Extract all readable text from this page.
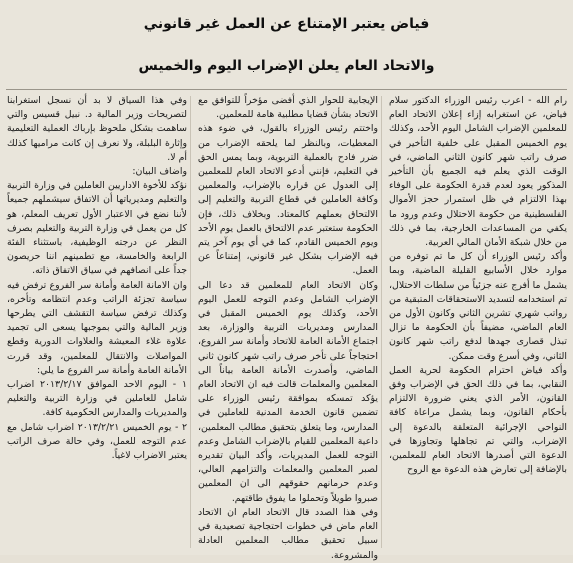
فياض يعتبر الإمتناع عن العمل غير قانوني
والاتحاد العام يعلن الإضراب اليوم والخميس

رام الله - اعرب رئيس الوزراء الدكتور سلام فياض، عن استغرابه إزاء إعلان الاتحاد العام للمعلمين الإضراب الشامل اليوم الأحد، وكذلك يوم الخميس المقبل على خلفية التأخير في صرف راتب شهر كانون الثاني الماضي، في الوقت الذي يعلم فيه الجميع بأن التأخير المذكور يعود لعدم قدرة الحكومة على الوفاء بهذا الالتزام في ظل استمرار حجز الأموال الفلسطينية من حكومة الاحتلال وعدم ورود ما يكفي من المساعدات الخارجية، بما في ذلك من خلال شبكة الأمان المالي العربية.
وأكد رئيس الوزراء أن كل ما تم توفره من موارد خلال الأسابيع القليلة الماضية، وبما يشمل ما أفرج عنه جزئياً من سلطات الاحتلال، تم استخدامه لتسديد الاستحقاقات المتبقية من رواتب شهري تشرين الثاني وكانون الأول من العام الماضي، مضيفاً بأن الحكومة ما تزال تبذل قصارى جهدها لدفع راتب شهر كانون الثاني، وفي أسرع وقت ممكن.
وأكد فياض احترام الحكومة لحرية العمل النقابي، بما في ذلك الحق في الإضراب وفق القانون، الأمر الذي يعني ضرورة الالتزام بأحكام القانون، وبما يشمل مراعاة كافة النواحي الإجرائية المتعلقة بالدعوة إلى الإضراب، والتي تم تجاهلها وتجاوزها في الدعوة التي أصدرها الاتحاد العام للمعلمين، بالإضافة إلى تعارض هذه الدعوة مع الروح

الإيجابية للحوار الذي أفضى مؤخراً للتوافق مع الاتحاد بشأن قضايا مطلبية هامة للمعلمين.
واختتم رئيس الوزراء بالقول، في ضوء هذه المعطيات، وبالنظر لما يلحقه الإضراب من ضرر فادح بالعملية التربوية، وبما يمس الحق في التعليم، فإنني أدعو الاتحاد العام للمعلمين إلى العدول عن قراره بالإضراب، والمعلمين وكافة العاملين في قطاع التربية والتعليم إلى الالتحاق بعملهم كالمعتاد. وبخلاف ذلك، فإن الحكومة ستعتبر عدم الالتحاق بالعمل يوم الأحد ويوم الخميس القادم، كما في أي يوم آخر يتم فيه الإضراب بشكل غير قانوني، إمتناعاً عن العمل.
وكان الاتحاد العام للمعلمين قد دعا الى الإضراب الشامل وعدم التوجه للعمل اليوم الأحد، وكذلك يوم الخميس المقبل في المدارس ومديريات التربية والوزارة، بعد اجتماع الأمانة العامة للاتحاد وأمانة سر الفروع، احتجاجاً على تأخر صرف راتب شهر كانون ثاني الماضي، وأصدرت الأمانة العامة بياناً الى المعلمين والمعلمات قالت فيه ان الاتحاد العام يؤكد تمسكه بموافقة رئيس الوزراء على تضمين قانون الخدمة المدنية للعاملين في المدارس، وما يتعلق بتحقيق مطالب المعلمين، داعية المعلمين للقيام بالإضراب الشامل وعدم التوجه للعمل المديريات، وأكد البيان تقديره لصبر المعلمين والمعلمات والتزامهم العالي، وعدم حرمانهم حقوقهم الى ان المعلمين صبروا طويلاً وتحملوا ما يفوق طاقتهم.
وفي هذا الصدد قال الاتحاد العام ان الاتحاد العام ماض في خطوات احتجاجية تصعيدية في سبيل تحقيق مطالب المعلمين العادلة والمشروعة.

وفي هذا السياق لا بد أن نسجل استغرابنا لتصريحات وزير المالية د. نبيل قسيس والتي ساهمت بشكل ملحوظ بإرباك العملية التعليمية وإثارة البلبلة، ولا نعرف إن كانت مراميها كذلك أم لا.
واضاف البيان:
نؤكد للأخوة الاداريين العاملين في وزارة التربية والتعليم ومديرياتها أن الاتفاق سيشملهم جميعاً لأننا نضع في الاعتبار الأول تعريف المعلم، هو كل من يعمل في وزارة التربية والتعليم بصرف النظر عن درجته الوظيفية، باستثناء الفئة الرابعة والخامسة، مع تطمينهم اننا حريصون جداً على انصافهم في سياق الاتفاق ذاته.
وان الامانة العامة وأمانة سر الفروع ترفض فيه سياسة تجزئة الراتب وعدم انتظامه وتأخره، وكذلك ترفض سياسة التقشف التي يطرحها وزير المالية والتي بموجبها يسعى الى تجميد علاوة غلاء المعيشة والعلاوات الدورية وقطع المواصلات والانتقال للمعلمين، وقد قررت الأمانة العامة وأمانة سر الفروع ما يلي:
١ - اليوم الاحد الموافق ٢٠١٣/٢/١٧ اضراب شامل للعاملين في وزارة التربية والتعليم والمديريات والمدارس الحكومية كافة.
٢ - يوم الخميس ٢٠١٣/٢/٢١ اضراب شامل مع عدم التوجه للعمل، وفي حالة صرف الراتب يعتبر الاضراب لاغياً.
